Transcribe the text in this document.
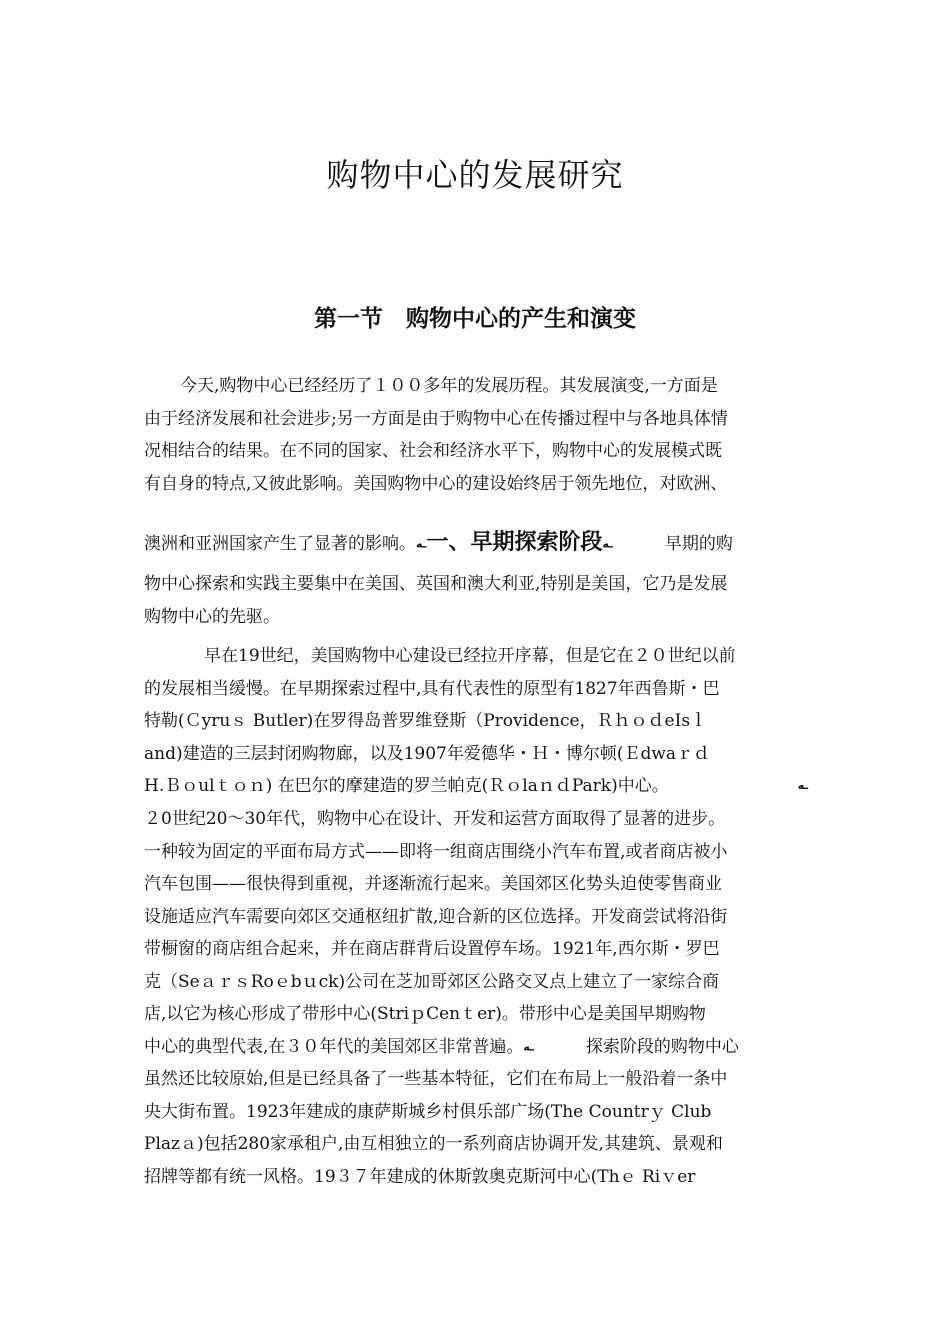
购物中心的发展研究
第一节　购物中心的产生和演变
今天,购物中心已经经历了１００多年的发展历程。其发展演变,一方面是
由于经济发展和社会进步;另一方面是由于购物中心在传播过程中与各地具体情
况相结合的结果。在不同的国家、社会和经济水平下，购物中心的发展模式既
有自身的特点,又彼此影响。美国购物中心的建设始终居于领先地位，对欧洲、
澳洲和亚洲国家产生了显著的影响。ـه一、早期探索阶段ـه	早期的购
物中心探索和实践主要集中在美国、英国和澳大利亚,特别是美国，它乃是发展
购物中心的先驱。
早在19世纪，美国购物中心建设已经拉开序幕，但是它在２０世纪以前
的发展相当缓慢。在早期探索过程中,具有代表性的原型有1827年西鲁斯・巴
特勒(Ｃyruｓ Butler)在罗得岛普罗维登斯（Providence，ＲｈｏｄeIsｌ
and)建造的三层封闭购物廊，以及1907年爱德华・Ｈ・博尔顿(Ｅdwaｒｄ
H.Ｂｏulｔｏｎ) 在巴尔的摩建造的罗兰帕克(ＲｏlaｎｄPark)中心。	ـه
２0世纪20～30年代，购物中心在设计、开发和运营方面取得了显著的进步。
一种较为固定的平面布局方式——即将一组商店围绕小汽车布置,或者商店被小
汽车包围——很快得到重视，并逐渐流行起来。美国郊区化势头迫使零售商业
设施适应汽车需要向郊区交通枢纽扩散,迎合新的区位选择。开发商尝试将沿街
带橱窗的商店组合起来，并在商店群背后设置停车场。1921年,西尔斯・罗巴
克（SeａｒｓRoｅbｕck)公司在芝加哥郊区公路交叉点上建立了一家综合商
店,以它为核心形成了带形中心(StriｐCenｔer)。带形中心是美国早期购物
中心的典型代表,在３０年代的美国郊区非常普遍。ـه	探索阶段的购物中心
虽然还比较原始,但是已经具备了一些基本特征，它们在布局上一般沿着一条中
央大街布置。1923年建成的康萨斯城乡村俱乐部广场(The Countrｙ Club
Plazａ)包括280家承租户,由互相独立的一系列商店协调开发,其建筑、景观和
招牌等都有统一风格。19３７年建成的休斯敦奥克斯河中心(Thｅ Riｖer
